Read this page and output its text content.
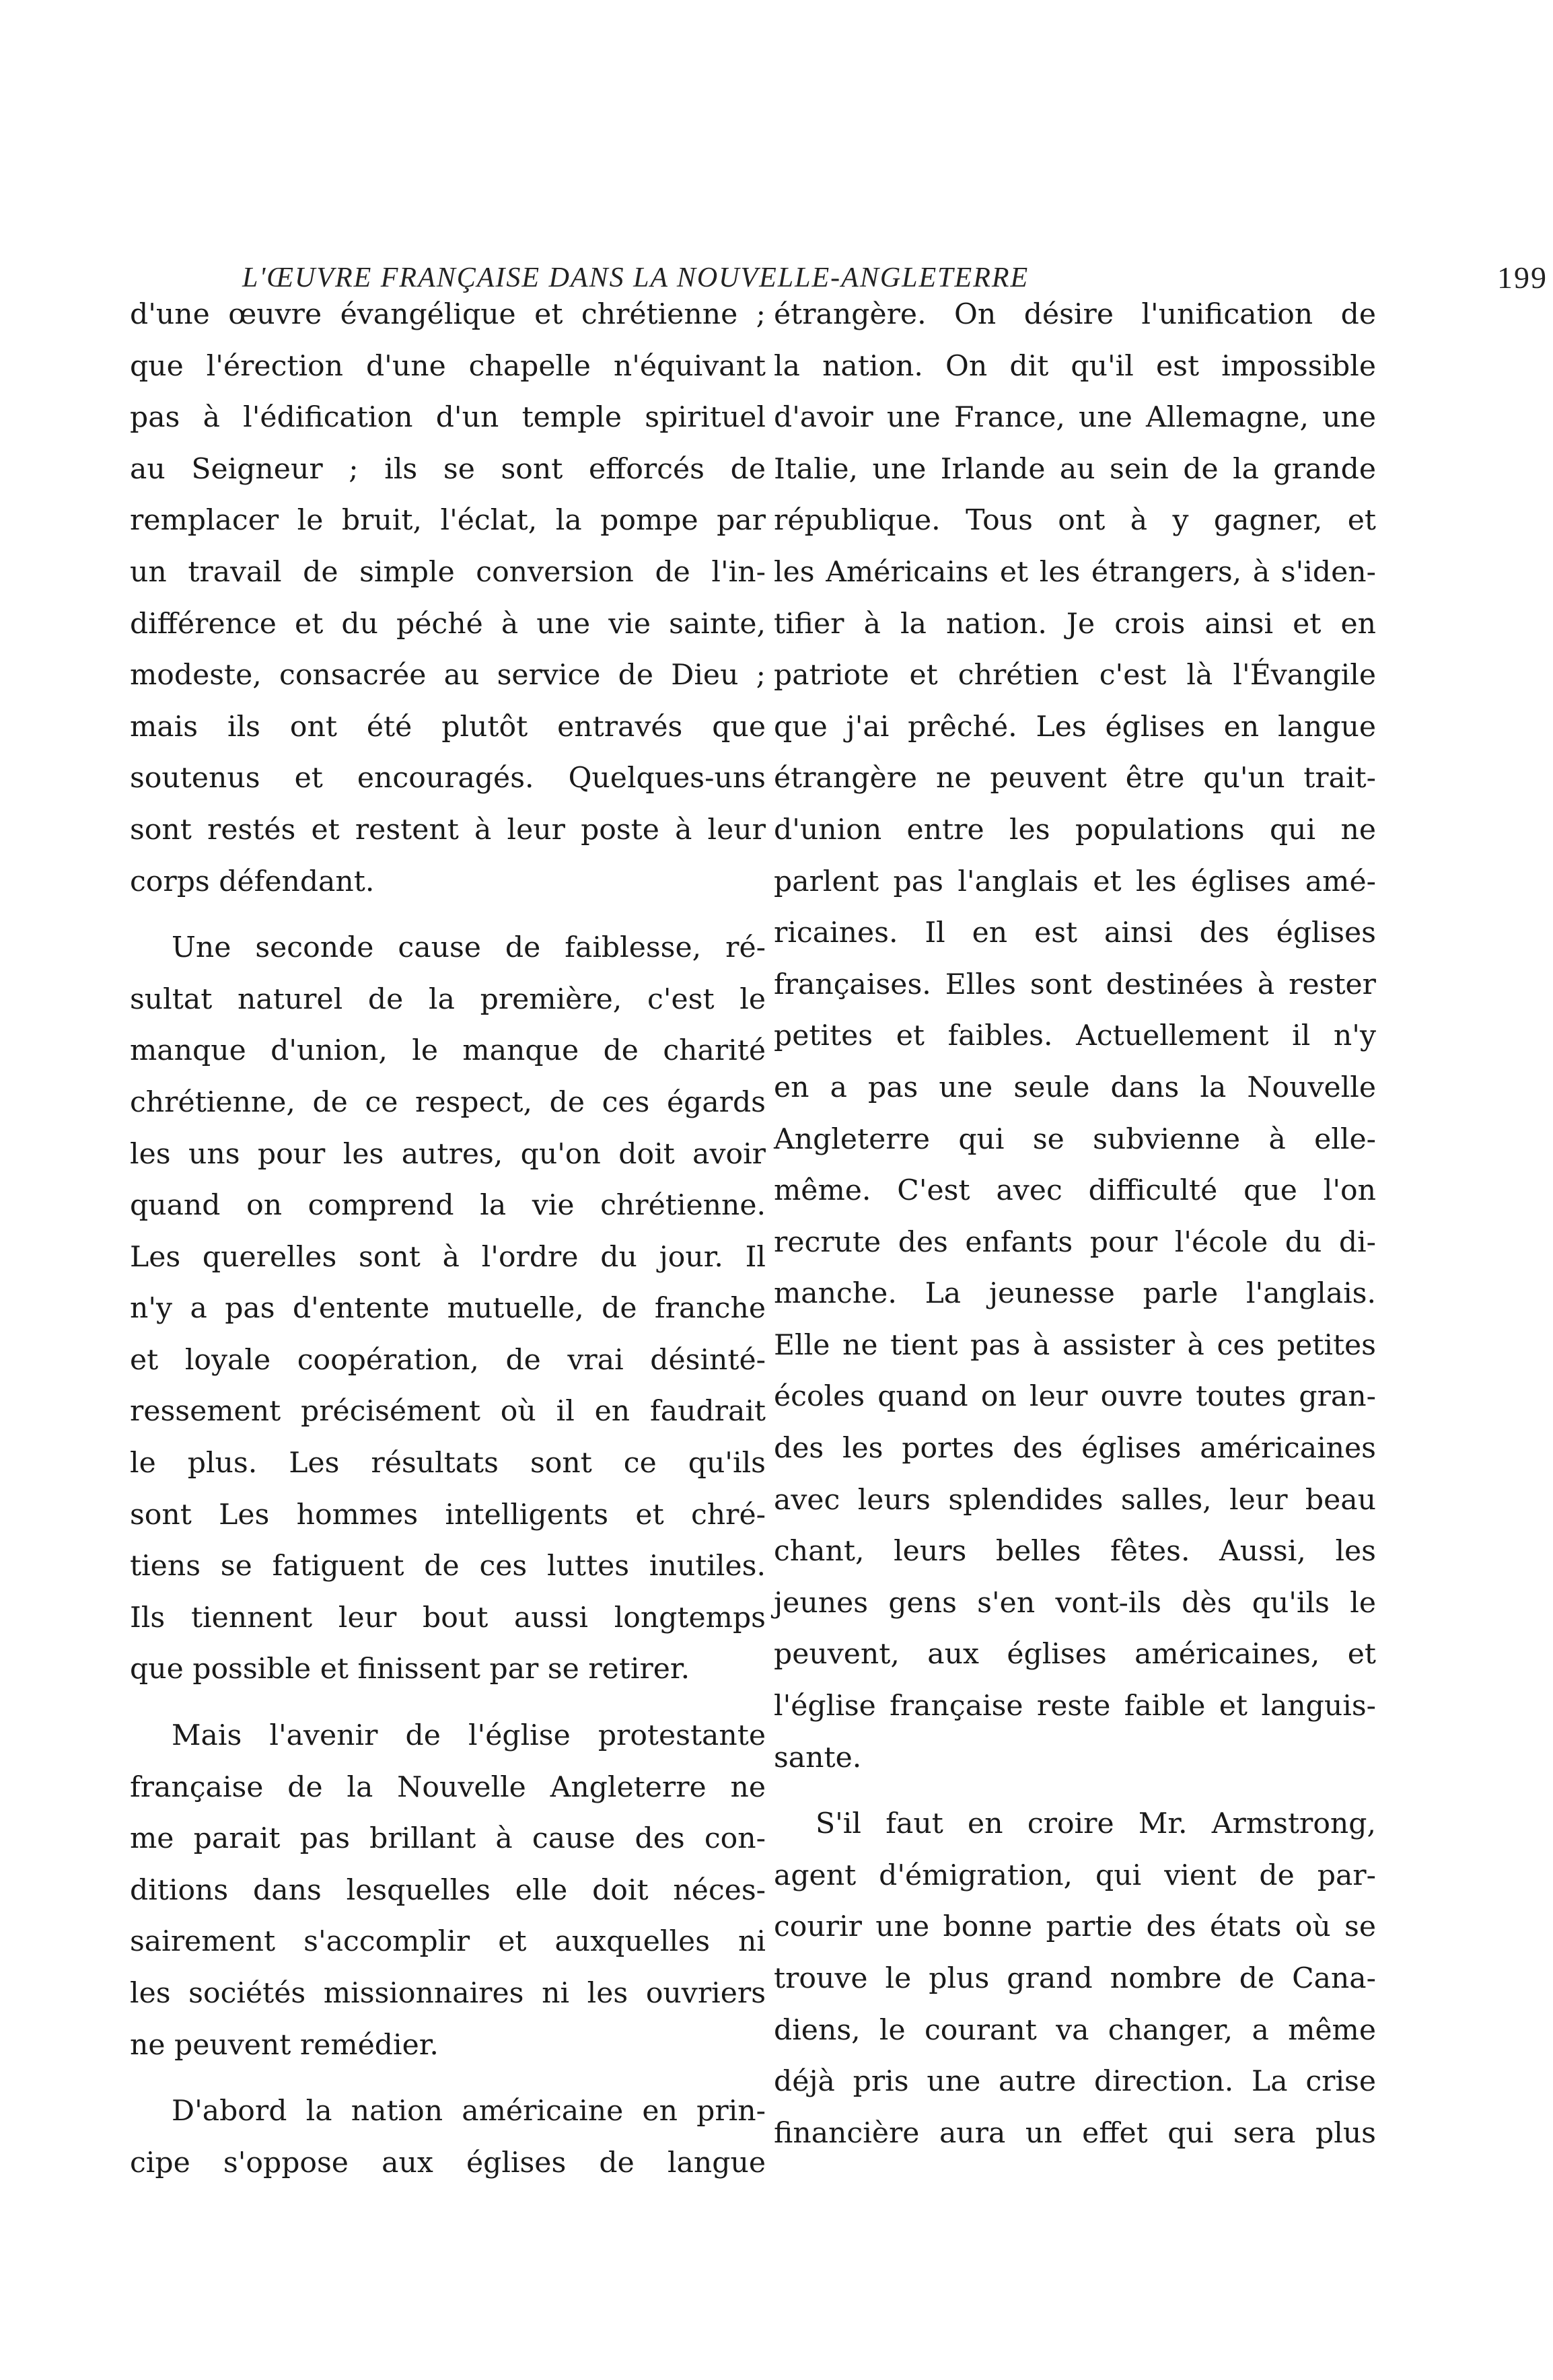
L'ŒUVRE FRANÇAISE DANS LA NOUVELLE-ANGLETERRE	199
d'une œuvre évangélique et chrétienne ;
que l'érection d'une chapelle n'équivant
pas à l'édification d'un temple spirituel
au Seigneur ; ils se sont efforcés de
remplacer le bruit, l'éclat, la pompe par
un travail de simple conversion de l'in-
différence et du péché à une vie sainte,
modeste, consacrée au service de Dieu ;
mais ils ont été plutôt entravés que
soutenus et encouragés. Quelques-uns
sont restés et restent à leur poste à leur
corps défendant.
Une seconde cause de faiblesse, ré-
sultat naturel de la première, c'est le
manque d'union, le manque de charité
chrétienne, de ce respect, de ces égards
les uns pour les autres, qu'on doit avoir
quand on comprend la vie chrétienne.
Les querelles sont à l'ordre du jour. Il
n'y a pas d'entente mutuelle, de franche
et loyale coopération, de vrai désinté-
ressement précisément où il en faudrait
le plus. Les résultats sont ce qu'ils
sont Les hommes intelligents et chré-
tiens se fatiguent de ces luttes inutiles.
Ils tiennent leur bout aussi longtemps
que possible et finissent par se retirer.
Mais l'avenir de l'église protestante
française de la Nouvelle Angleterre ne
me parait pas brillant à cause des con-
ditions dans lesquelles elle doit néces-
sairement s'accomplir et auxquelles ni
les sociétés missionnaires ni les ouvriers
ne peuvent remédier.
D'abord la nation américaine en prin-
cipe s'oppose aux églises de langue
étrangère. On désire l'unification de
la nation. On dit qu'il est impossible
d'avoir une France, une Allemagne, une
Italie, une Irlande au sein de la grande
république. Tous ont à y gagner, et
les Américains et les étrangers, à s'iden-
tifier à la nation. Je crois ainsi et en
patriote et chrétien c'est là l'Évangile
que j'ai prêché. Les églises en langue
étrangère ne peuvent être qu'un trait-
d'union entre les populations qui ne
parlent pas l'anglais et les églises amé-
ricaines. Il en est ainsi des églises
françaises. Elles sont destinées à rester
petites et faibles. Actuellement il n'y
en a pas une seule dans la Nouvelle
Angleterre qui se subvienne à elle-
même. C'est avec difficulté que l'on
recrute des enfants pour l'école du di-
manche. La jeunesse parle l'anglais.
Elle ne tient pas à assister à ces petites
écoles quand on leur ouvre toutes gran-
des les portes des églises américaines
avec leurs splendides salles, leur beau
chant, leurs belles fêtes. Aussi, les
jeunes gens s'en vont-ils dès qu'ils le
peuvent, aux églises américaines, et
l'église française reste faible et languis-
sante.
S'il faut en croire Mr. Armstrong,
agent d'émigration, qui vient de par-
courir une bonne partie des états où se
trouve le plus grand nombre de Cana-
diens, le courant va changer, a même
déjà pris une autre direction. La crise
financière aura un effet qui sera plus
